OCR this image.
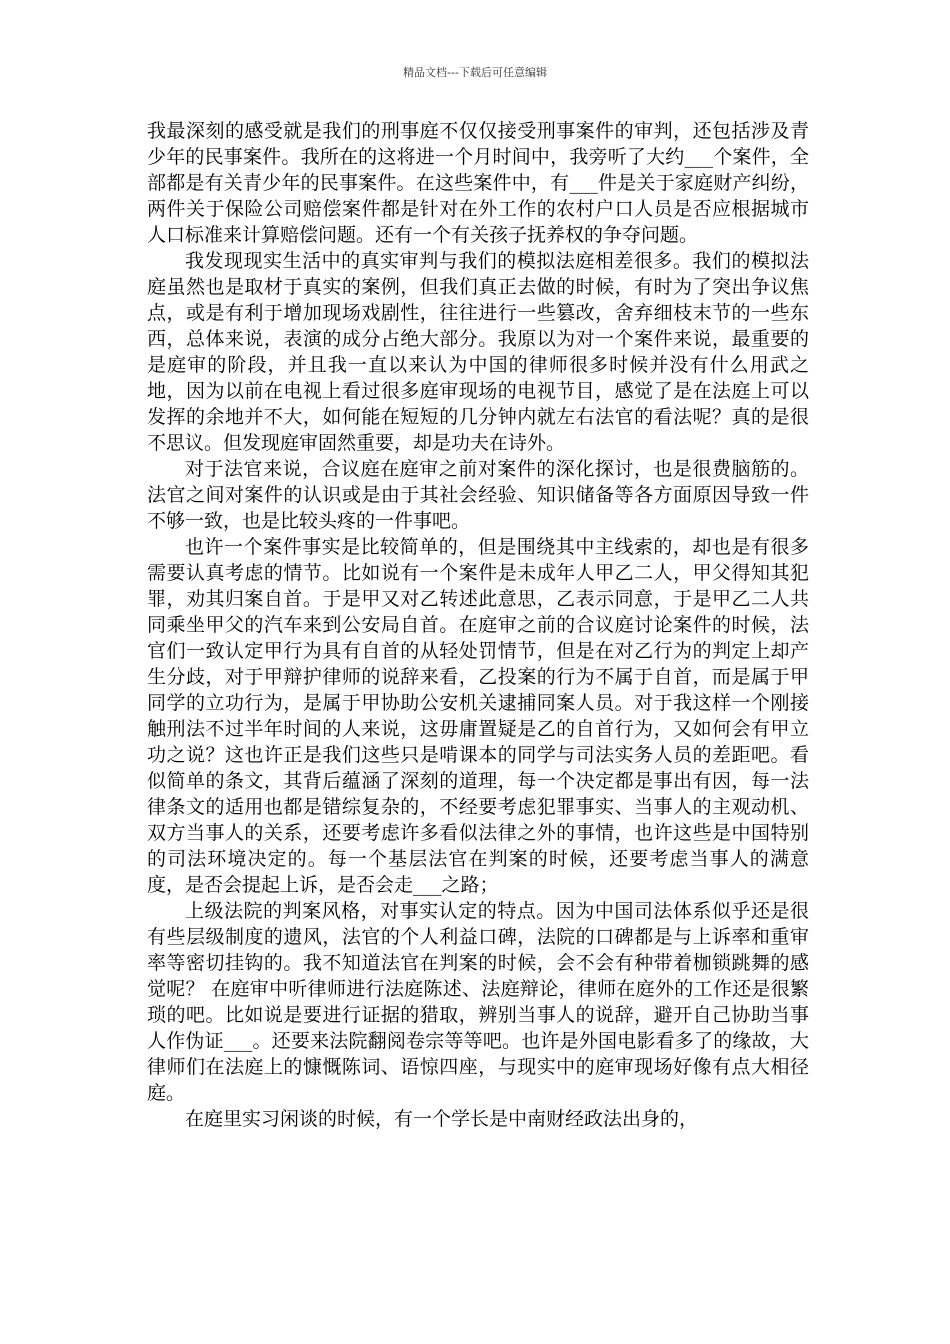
精品文档---下载后可任意编辑

我最深刻的感受就是我们的刑事庭不仅仅接受刑事案件的审判，还包括涉及青少年的民事案件。我所在的这将进一个月时间中，我旁听了大约___个案件，全部都是有关青少年的民事案件。在这些案件中，有___件是关于家庭财产纠纷，两件关于保险公司赔偿案件都是针对在外工作的农村户口人员是否应根据城市人口标准来计算赔偿问题。还有一个有关孩子抚养权的争夺问题。

我发现现实生活中的真实审判与我们的模拟法庭相差很多。我们的模拟法庭虽然也是取材于真实的案例，但我们真正去做的时候，有时为了突出争议焦点，或是有利于增加现场戏剧性，往往进行一些篡改，舍弃细枝末节的一些东西，总体来说，表演的成分占绝大部分。我原以为对一个案件来说，最重要的是庭审的阶段，并且我一直以来认为中国的律师很多时候并没有什么用武之地，因为以前在电视上看过很多庭审现场的电视节目，感觉了是在法庭上可以发挥的余地并不大，如何能在短短的几分钟内就左右法官的看法呢？真的是很不思议。但发现庭审固然重要，却是功夫在诗外。

对于法官来说，合议庭在庭审之前对案件的深化探讨，也是很费脑筋的。法官之间对案件的认识或是由于其社会经验、知识储备等各方面原因导致一件不够一致，也是比较头疼的一件事吧。

也许一个案件事实是比较简单的，但是围绕其中主线索的，却也是有很多需要认真考虑的情节。比如说有一个案件是未成年人甲乙二人，甲父得知其犯罪，劝其归案自首。于是甲又对乙转述此意思，乙表示同意，于是甲乙二人共同乘坐甲父的汽车来到公安局自首。在庭审之前的合议庭讨论案件的时候，法官们一致认定甲行为具有自首的从轻处罚情节，但是在对乙行为的判定上却产生分歧，对于甲辩护律师的说辞来看，乙投案的行为不属于自首，而是属于甲同学的立功行为，是属于甲协助公安机关逮捕同案人员。对于我这样一个刚接触刑法不过半年时间的人来说，这毋庸置疑是乙的自首行为，又如何会有甲立功之说？这也许正是我们这些只是啃课本的同学与司法实务人员的差距吧。看似简单的条文，其背后蕴涵了深刻的道理，每一个决定都是事出有因，每一法律条文的适用也都是错综复杂的，不经要考虑犯罪事实、当事人的主观动机、双方当事人的关系，还要考虑许多看似法律之外的事情，也许这些是中国特别的司法环境决定的。每一个基层法官在判案的时候，还要考虑当事人的满意度，是否会提起上诉，是否会走___之路；

上级法院的判案风格，对事实认定的特点。因为中国司法体系似乎还是很有些层级制度的遗风，法官的个人利益口碑，法院的口碑都是与上诉率和重审率等密切挂钩的。我不知道法官在判案的时候，会不会有种带着枷锁跳舞的感觉呢？ 在庭审中听律师进行法庭陈述、法庭辩论，律师在庭外的工作还是很繁琐的吧。比如说是要进行证据的猎取，辨别当事人的说辞，避开自己协助当事人作伪证___。还要来法院翻阅卷宗等等吧。也许是外国电影看多了的缘故，大律师们在法庭上的慷慨陈词、语惊四座，与现实中的庭审现场好像有点大相径庭。

在庭里实习闲谈的时候，有一个学长是中南财经政法出身的，
